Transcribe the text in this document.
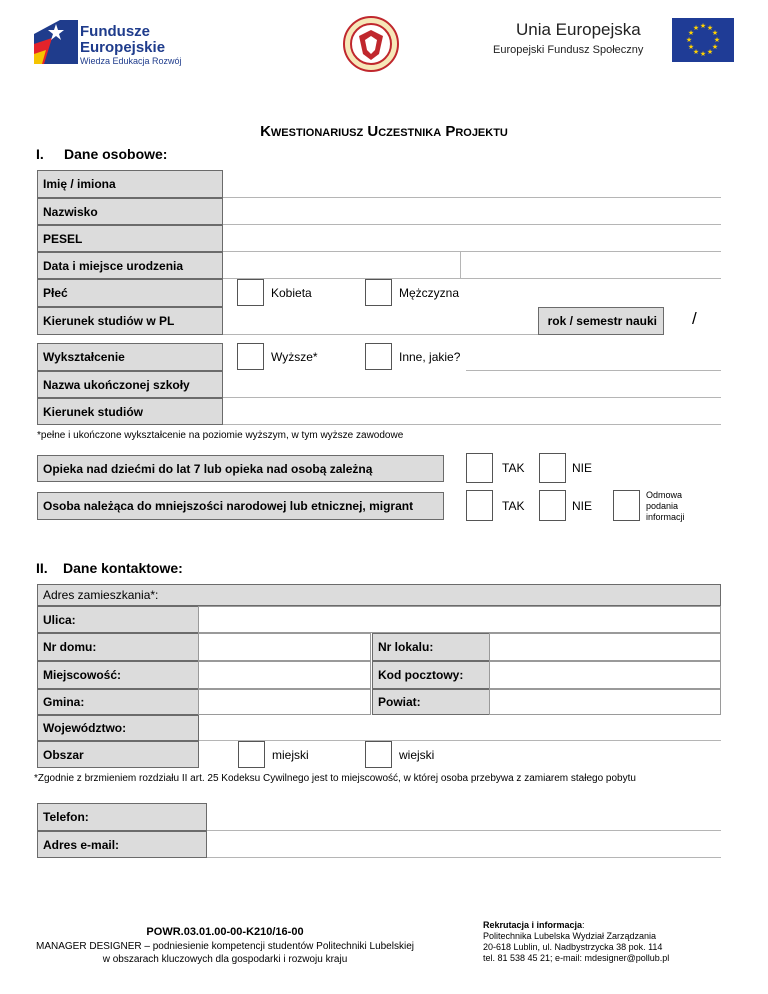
Fundusze
Europejskie
Wiedza Edukacja Rozwój
Unia Europejska
Europejski Fundusz Społeczny
★ ★
★
★
★
★
★
★
★
★
★
★
Kwestionariusz Uczestnika Projektu
I. Dane osobowe:
Imię / imiona
Nazwisko
PESEL
Data i miejsce urodzenia
Płeć	Kobieta	Mężczyzna
Kierunek studiów w PL	rok / semestr nauki	/
Wykształcenie	Wyższe*	Inne, jakie?
Nazwa ukończonej szkoły
Kierunek studiów
*pełne i ukończone wykształcenie na poziomie wyższym, w tym wyższe zawodowe
Opieka nad dziećmi do lat 7 lub opieka nad osobą zależną	TAK	NIE
Osoba należąca do mniejszości narodowej lub etnicznej, migrant	TAK	NIE
Odmowa
podania
informacji
II. Dane kontaktowe:
Adres zamieszkania*:
Ulica:
Nr domu:	Nr lokalu:
Miejscowość:	Kod pocztowy:
Gmina:	Powiat:
Województwo:
Obszar	miejski	wiejski
*Zgodnie z brzmieniem rozdziału II art. 25 Kodeksu Cywilnego jest to miejscowość, w której osoba przebywa z zamiarem stałego pobytu
Telefon:
Adres e-mail:
POWR.03.01.00-00-K210/16-00
MANAGER DESIGNER – podniesienie kompetencji studentów Politechniki Lubelskiej
w obszarach kluczowych dla gospodarki i rozwoju kraju
Rekrutacja i informacja:
Politechnika Lubelska Wydział Zarządzania
20-618 Lublin, ul. Nadbystrzycka 38 pok. 114
tel. 81 538 45 21; e-mail: mdesigner@pollub.pl
